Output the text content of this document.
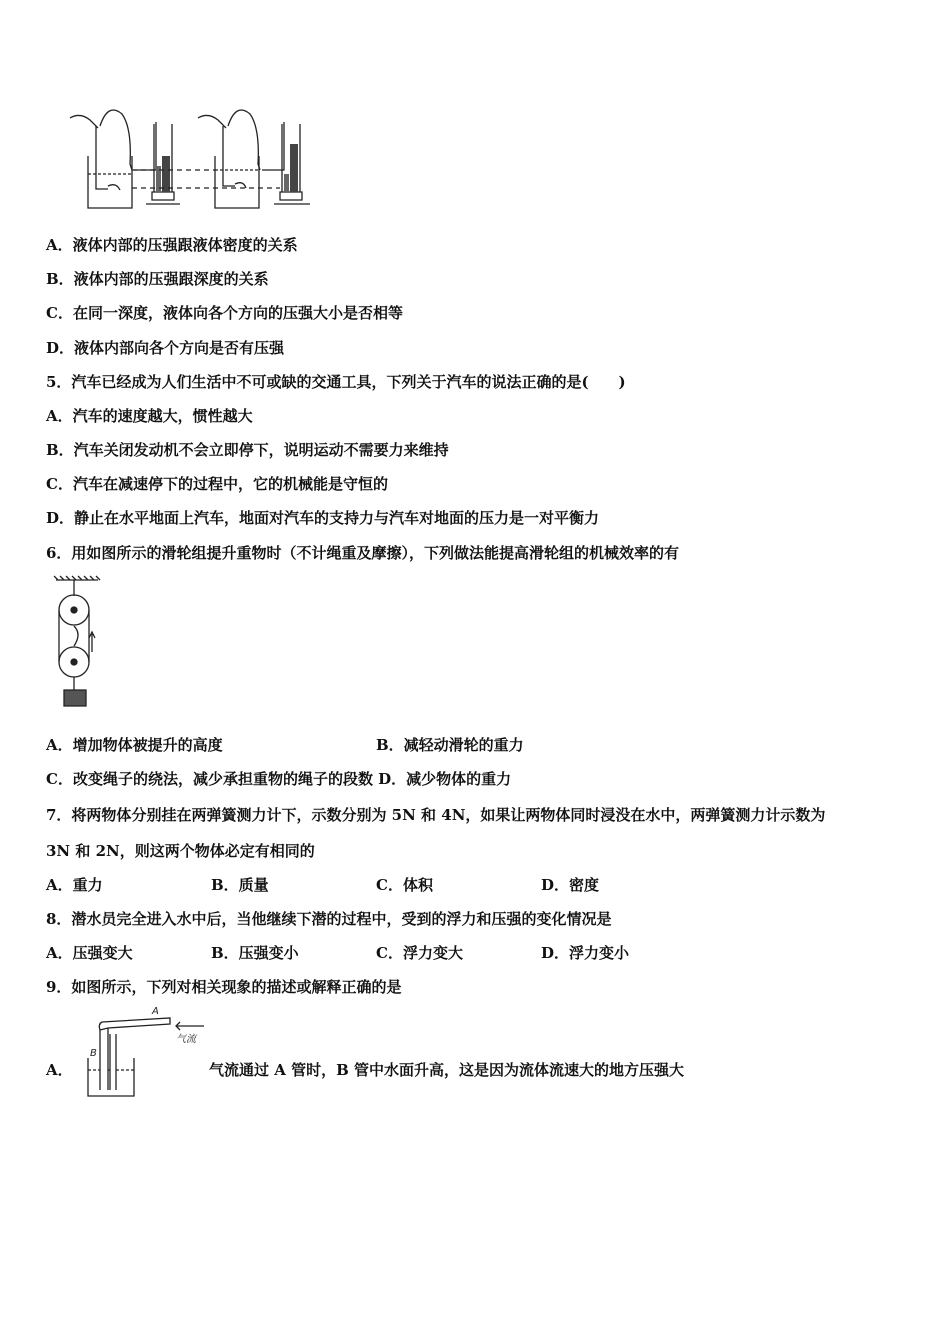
A．液体内部的压强跟液体密度的关系
B．液体内部的压强跟深度的关系
C．在同一深度，液体向各个方向的压强大小是否相等
D．液体内部向各个方向是否有压强
5．汽车已经成为人们生活中不可或缺的交通工具，下列关于汽车的说法正确的是(　　)
A．汽车的速度越大，惯性越大
B．汽车关闭发动机不会立即停下，说明运动不需要力来维持
C．汽车在减速停下的过程中，它的机械能是守恒的
D．静止在水平地面上汽车，地面对汽车的支持力与汽车对地面的压力是一对平衡力
6．用如图所示的滑轮组提升重物时（不计绳重及摩擦），下列做法能提高滑轮组的机械效率的有
A．增加物体被提升的高度	B．减轻动滑轮的重力
C．改变绳子的绕法，减少承担重物的绳子的段数 D．减少物体的重力
7．将两物体分别挂在两弹簧测力计下，示数分别为 5N 和 4N，如果让两物体同时浸没在水中，两弹簧测力计示数为
3N 和 2N，则这两个物体必定有相同的
A．重力	B．质量	C．体积	D．密度
8．潜水员完全进入水中后，当他继续下潜的过程中，受到的浮力和压强的变化情况是
A．压强变大	B．压强变小	C．浮力变大	D．浮力变小
9．如图所示，下列对相关现象的描述或解释正确的是
A
B
气流
A．	气流通过 A 管时，B 管中水面升高，这是因为流体流速大的地方压强大
